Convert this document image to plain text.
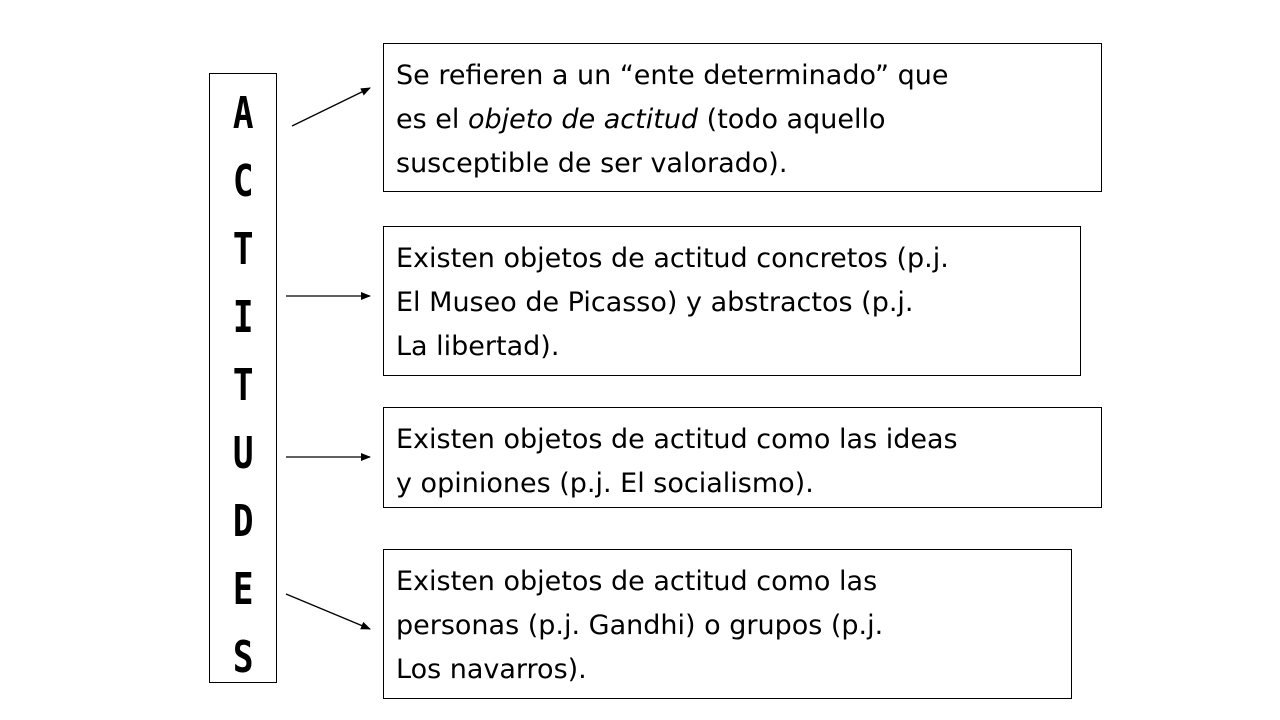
A
C
T
I
T
U
D
E
S
Se refieren a un “ente determinado” que
es el objeto de actitud (todo aquello
susceptible de ser valorado).
Existen objetos de actitud concretos (p.j.
El Museo de Picasso) y abstractos (p.j.
La libertad).
Existen objetos de actitud como las ideas
y opiniones (p.j. El socialismo).
Existen objetos de actitud como las
personas (p.j. Gandhi) o grupos (p.j.
Los navarros).
